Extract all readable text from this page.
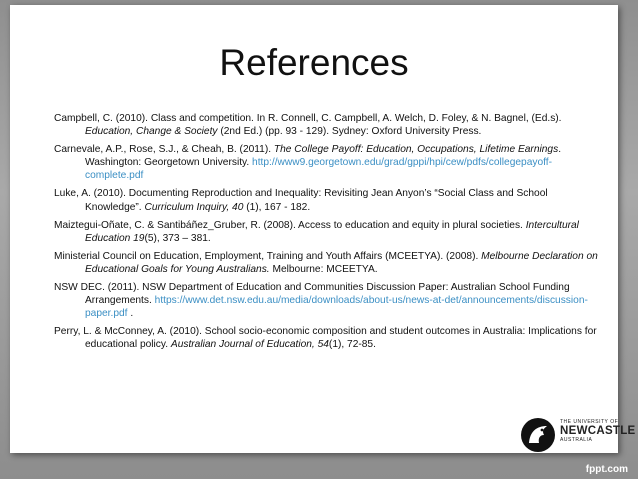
References
Campbell, C. (2010). Class and competition. In R. Connell, C. Campbell, A. Welch, D. Foley, & N. Bagnel, (Ed.s). Education, Change & Society (2nd Ed.) (pp. 93 - 129). Sydney: Oxford University Press.
Carnevale, A.P., Rose, S.J., & Cheah, B. (2011). The College Payoff: Education, Occupations, Lifetime Earnings. Washington: Georgetown University. http://www9.georgetown.edu/grad/gppi/hpi/cew/pdfs/collegepayoff-complete.pdf
Luke, A. (2010). Documenting Reproduction and Inequality: Revisiting Jean Anyon’s “Social Class and School Knowledge”. Curriculum Inquiry, 40 (1), 167 - 182.
Maiztegui-Oñate, C. & Santibáñez_Gruber, R. (2008). Access to education and equity in plural societies. Intercultural Education 19(5), 373 – 381.
Ministerial Council on Education, Employment, Training and Youth Affairs (MCEETYA). (2008). Melbourne Declaration on Educational Goals for Young Australians. Melbourne: MCEETYA.
NSW DEC. (2011). NSW Department of Education and Communities Discussion Paper: Australian School Funding Arrangements. https://www.det.nsw.edu.au/media/downloads/about-us/news-at-det/announcements/discussion-paper.pdf .
Perry, L. & McConney, A. (2010). School socio-economic composition and student outcomes in Australia: Implications for educational policy. Australian Journal of Education, 54(1), 72-85.
THE UNIVERSITY OF
NEWCASTLE
AUSTRALIA
fppt.com
